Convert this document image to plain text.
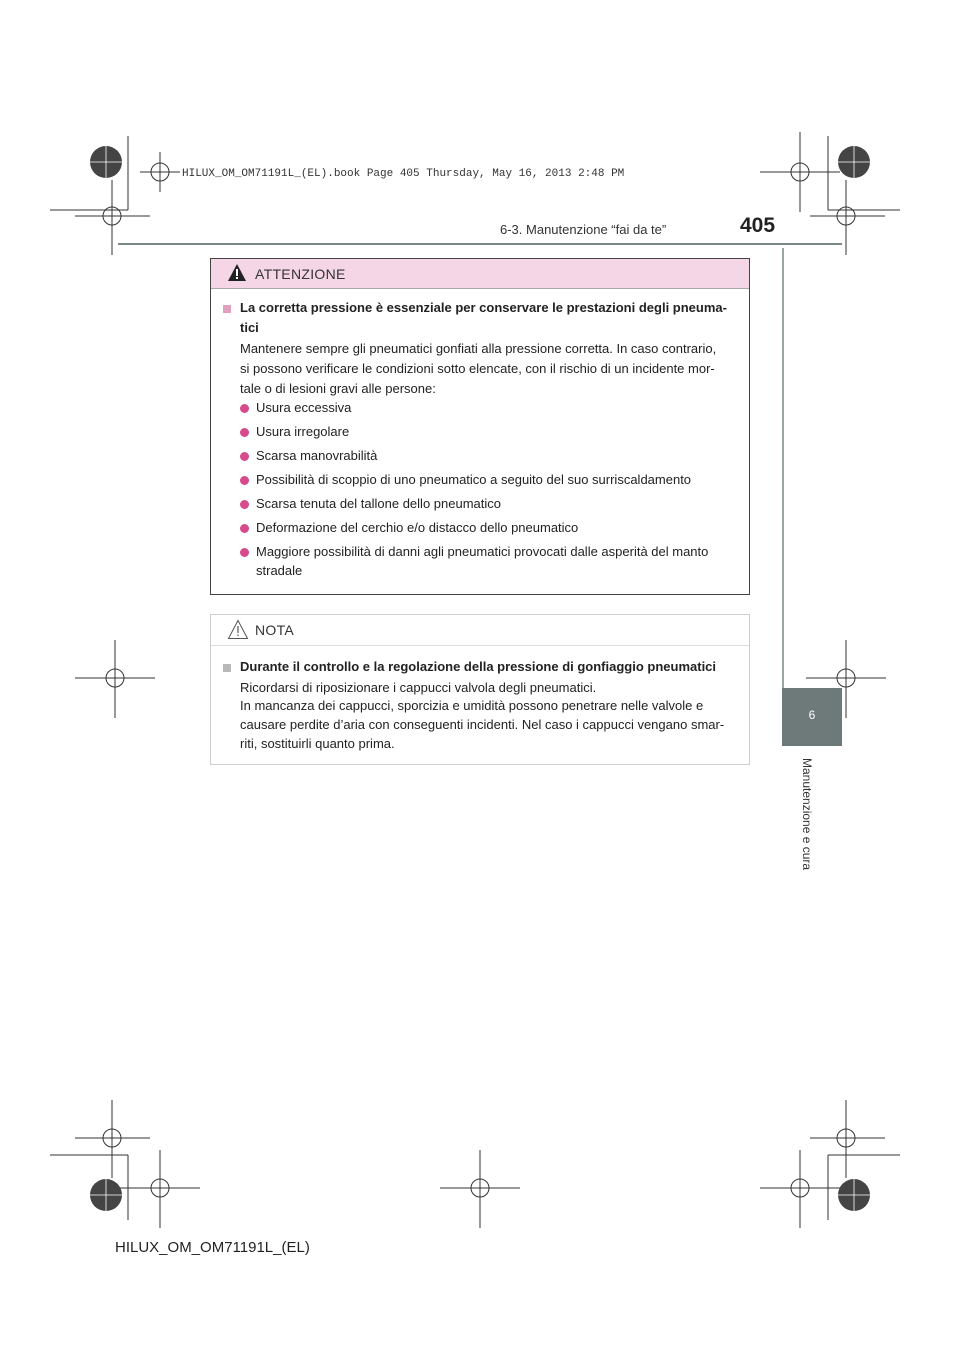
HILUX_OM_OM71191L_(EL).book Page 405 Thursday, May 16, 2013 2:48 PM
6-3. Manutenzione “fai da te”	405
6
Manutenzione e cura
ATTENZIONE
La corretta pressione è essenziale per conservare le prestazioni degli pneuma-
tici
Mantenere sempre gli pneumatici gonfiati alla pressione corretta. In caso contrario,
si possono verificare le condizioni sotto elencate, con il rischio di un incidente mor-
tale o di lesioni gravi alle persone:
Usura eccessiva
Usura irregolare
Scarsa manovrabilità
Possibilità di scoppio di uno pneumatico a seguito del suo surriscaldamento
Scarsa tenuta del tallone dello pneumatico
Deformazione del cerchio e/o distacco dello pneumatico
Maggiore possibilità di danni agli pneumatici provocati dalle asperità del manto
stradale
NOTA
Durante il controllo e la regolazione della pressione di gonfiaggio pneumatici
Ricordarsi di riposizionare i cappucci valvola degli pneumatici.
In mancanza dei cappucci, sporcizia e umidità possono penetrare nelle valvole e
causare perdite d’aria con conseguenti incidenti. Nel caso i cappucci vengano smar-
riti, sostituirli quanto prima.
HILUX_OM_OM71191L_(EL)
